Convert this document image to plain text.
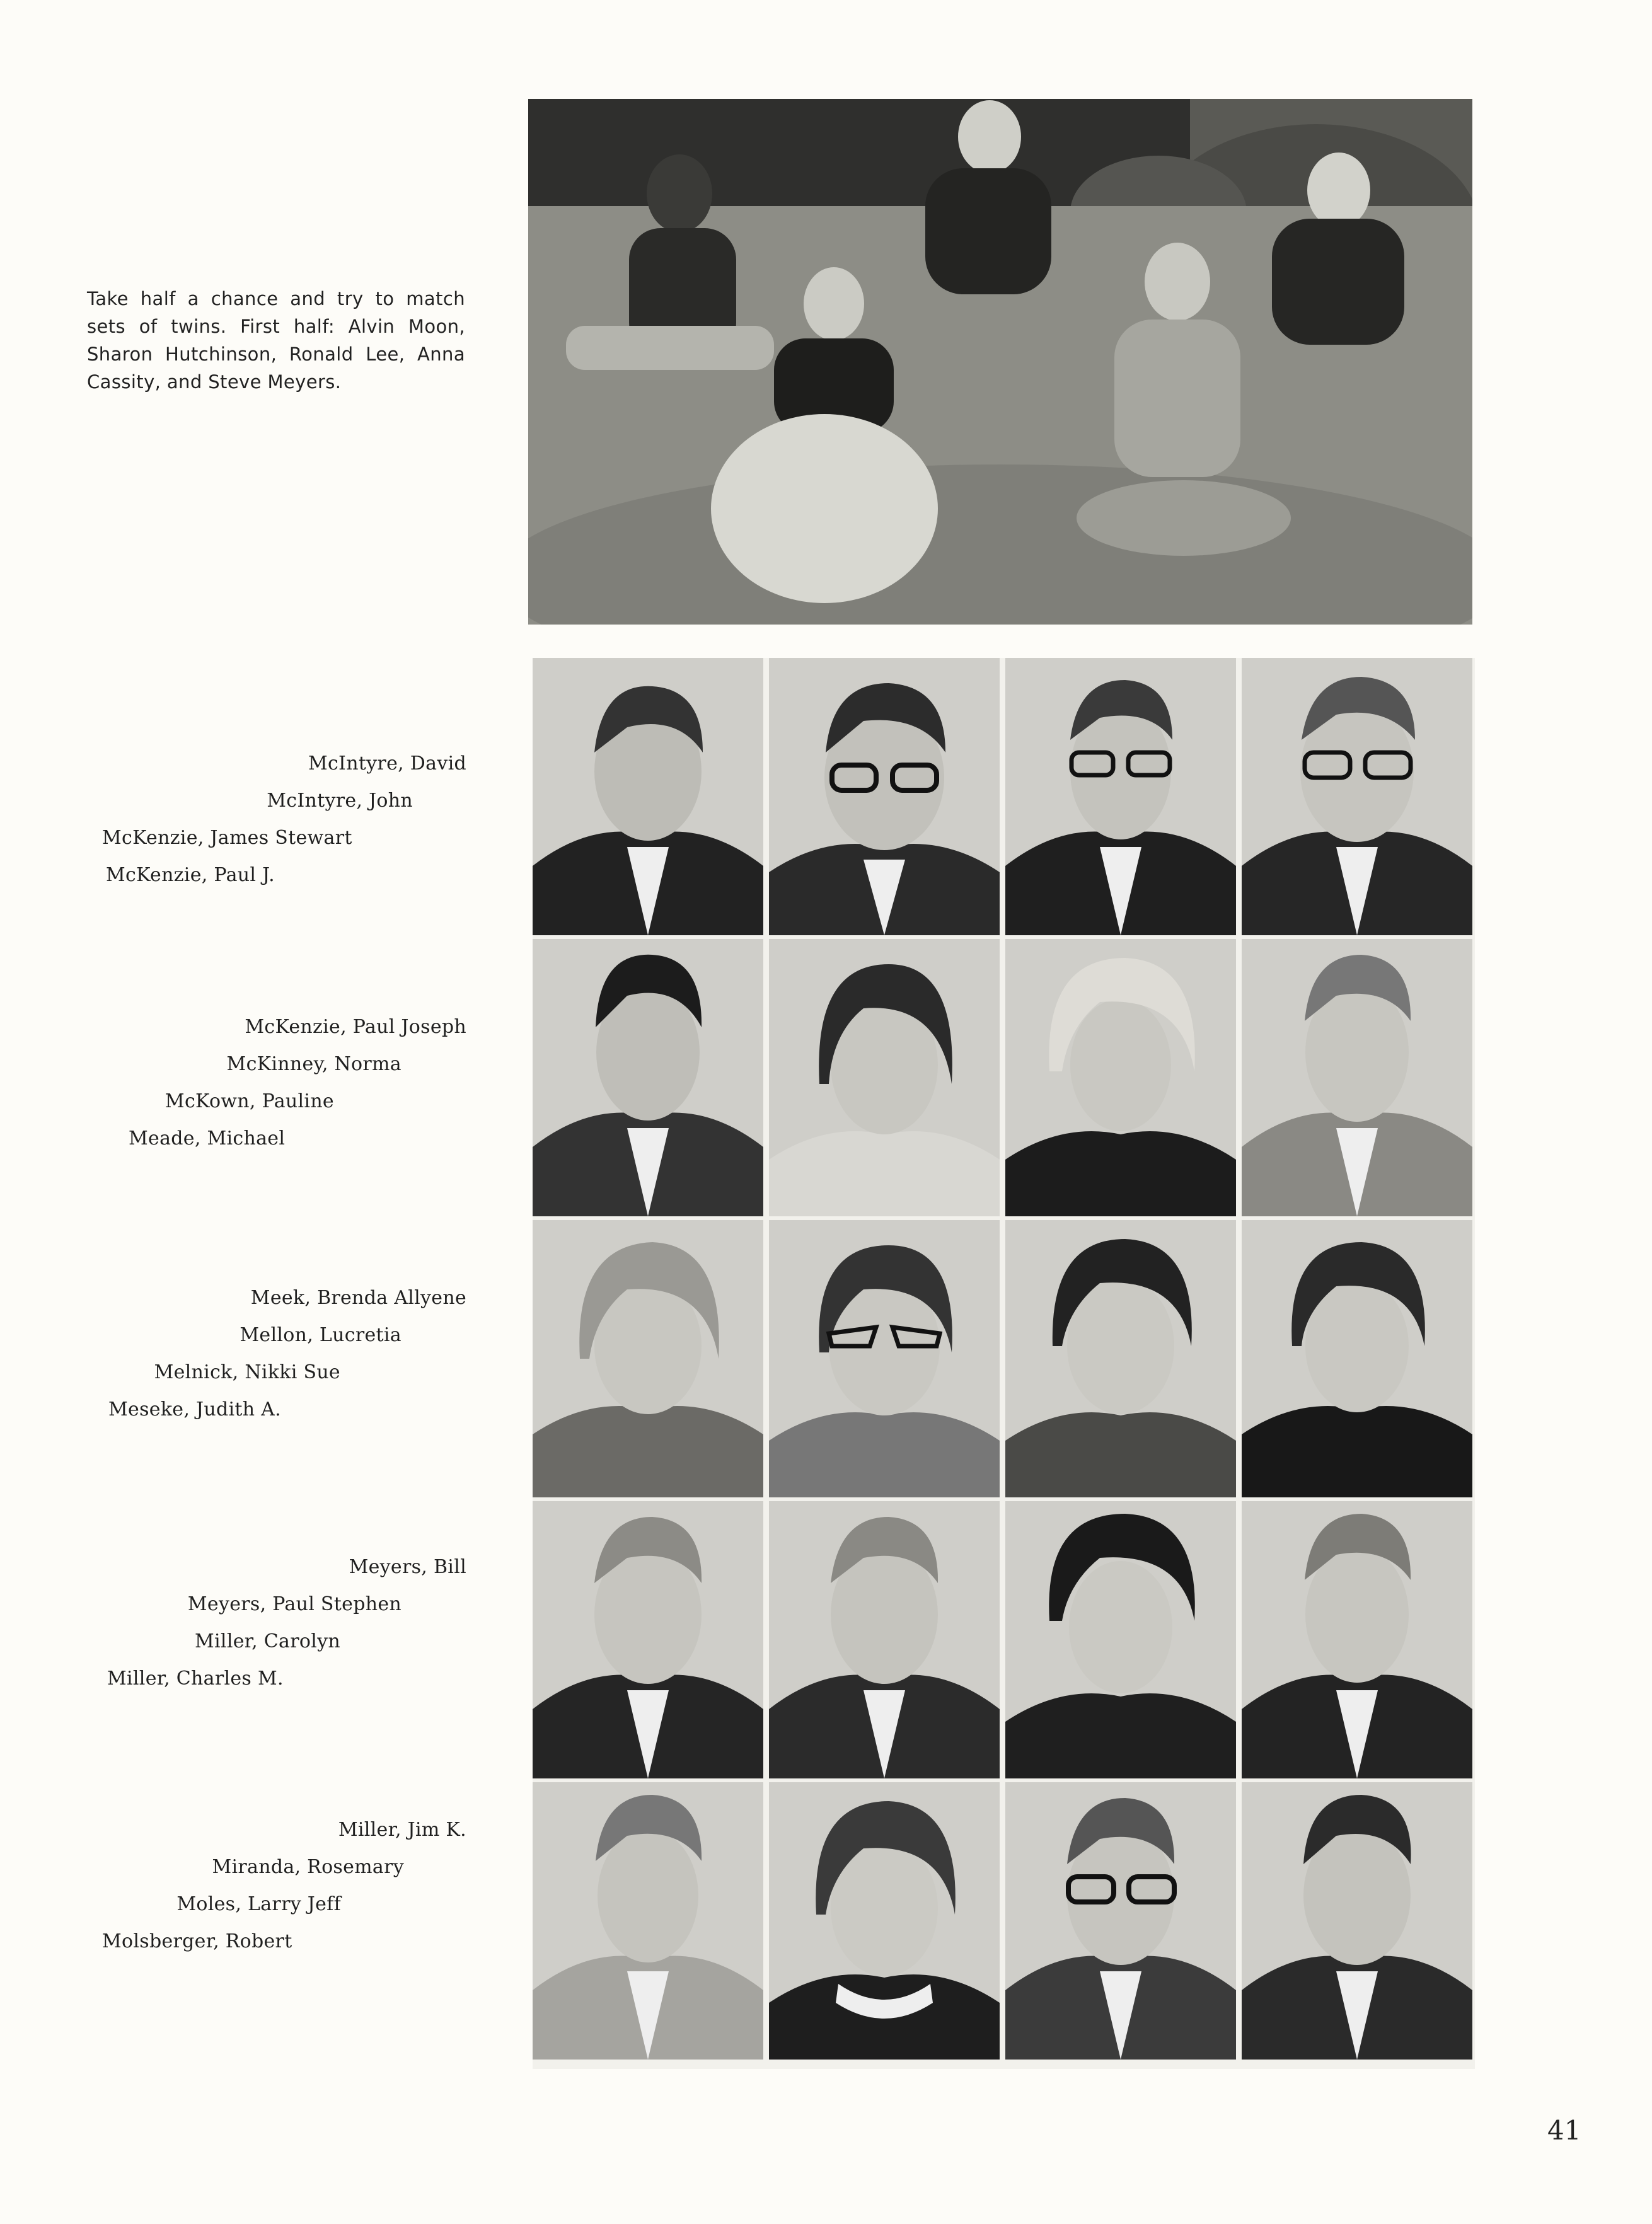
Take half a chance and try to match sets of twins. First half: Alvin Moon, Sharon Hutchinson, Ronald Lee, Anna Cassity, and Steve Meyers.
McIntyre, David
McIntyre, John
McKenzie, James Stewart
McKenzie, Paul J.
McKenzie, Paul Joseph
McKinney, Norma
McKown, Pauline
Meade, Michael
Meek, Brenda Allyene
Mellon, Lucretia
Melnick, Nikki Sue
Meseke, Judith A.
Meyers, Bill
Meyers, Paul Stephen
Miller, Carolyn
Miller, Charles M.
Miller, Jim K.
Miranda, Rosemary
Moles, Larry Jeff
Molsberger, Robert
41
